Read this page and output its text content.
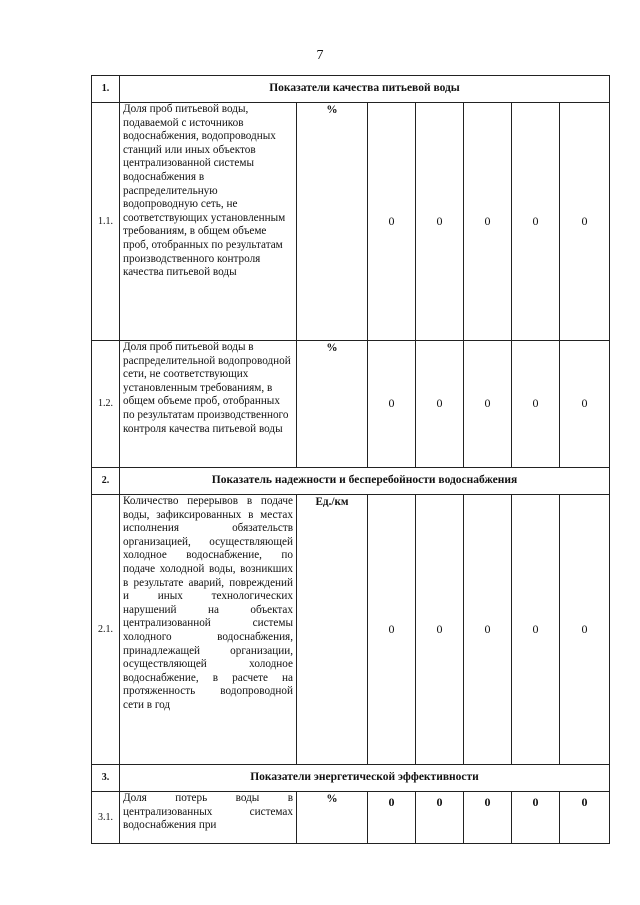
7
1.	Показатели качества питьевой воды						
1.1.	Доля проб питьевой воды, подаваемой с источников водоснабжения, водопроводных станций или иных объектов централизованной системы водоснабжения в распределительную водопроводную сеть, не соответствующих установленным требованиям, в общем объеме проб, отобранных по результатам производственного контроля качества питьевой воды	%	0	0	0	0	0
1.2.	Доля проб питьевой воды в распределительной водопроводной сети, не соответствующих установленным требованиям, в общем объеме проб, отобранных по результатам производственного контроля качества питьевой воды	%	0	0	0	0	0
2.	Показатель надежности и бесперебойности водоснабжения						
2.1.	Количество перерывов в подаче воды, зафиксированных в местах исполнения обязательств организацией, осуществляющей холодное водоснабжение, по подаче холодной воды, возникших в результате аварий, повреждений и иных технологических нарушений на объектах централизованной системы холодного водоснабжения, принадлежащей организации, осуществляющей холодное водоснабжение, в расчете на протяженность водопроводной сети в год	Ед./км	0	0	0	0	0
3.	Показатели энергетической эффективности						
3.1.	Доля потерь воды в централизованных системах водоснабжения при	%	0	0	0	0	0
